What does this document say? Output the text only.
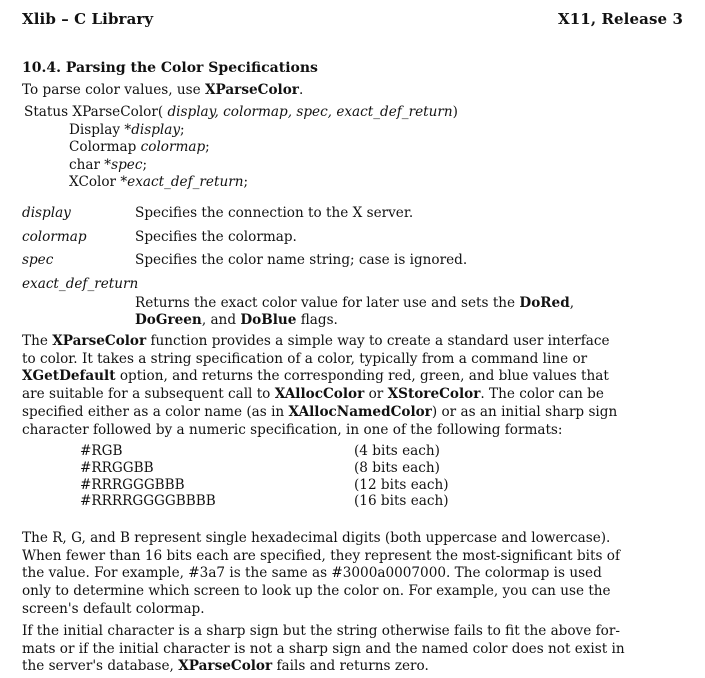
Xlib – C Library	X11, Release 3
10.4. Parsing the Color Specifications
To parse color values, use XParseColor.
Status XParseColor( display, colormap, spec, exact_def_return)
Display *display;
Colormap colormap;
char *spec;
XColor *exact_def_return;
display	Specifies the connection to the X server.
colormap	Specifies the colormap.
spec	Specifies the color name string; case is ignored.
exact_def_return
Returns the exact color value for later use and sets the DoRed,
DoGreen, and DoBlue flags.
The XParseColor function provides a simple way to create a standard user interface
to color. It takes a string specification of a color, typically from a command line or
XGetDefault option, and returns the corresponding red, green, and blue values that
are suitable for a subsequent call to XAllocColor or XStoreColor. The color can be
specified either as a color name (as in XAllocNamedColor) or as an initial sharp sign
character followed by a numeric specification, in one of the following formats:
#RGB	(4 bits each)
#RRGGBB	(8 bits each)
#RRRGGGBBB	(12 bits each)
#RRRRGGGGBBBB	(16 bits each)
The R, G, and B represent single hexadecimal digits (both uppercase and lowercase).
When fewer than 16 bits each are specified, they represent the most-significant bits of
the value. For example, #3a7 is the same as #3000a0007000. The colormap is used
only to determine which screen to look up the color on. For example, you can use the
screen's default colormap.
If the initial character is a sharp sign but the string otherwise fails to fit the above for-
mats or if the initial character is not a sharp sign and the named color does not exist in
the server's database, XParseColor fails and returns zero.
